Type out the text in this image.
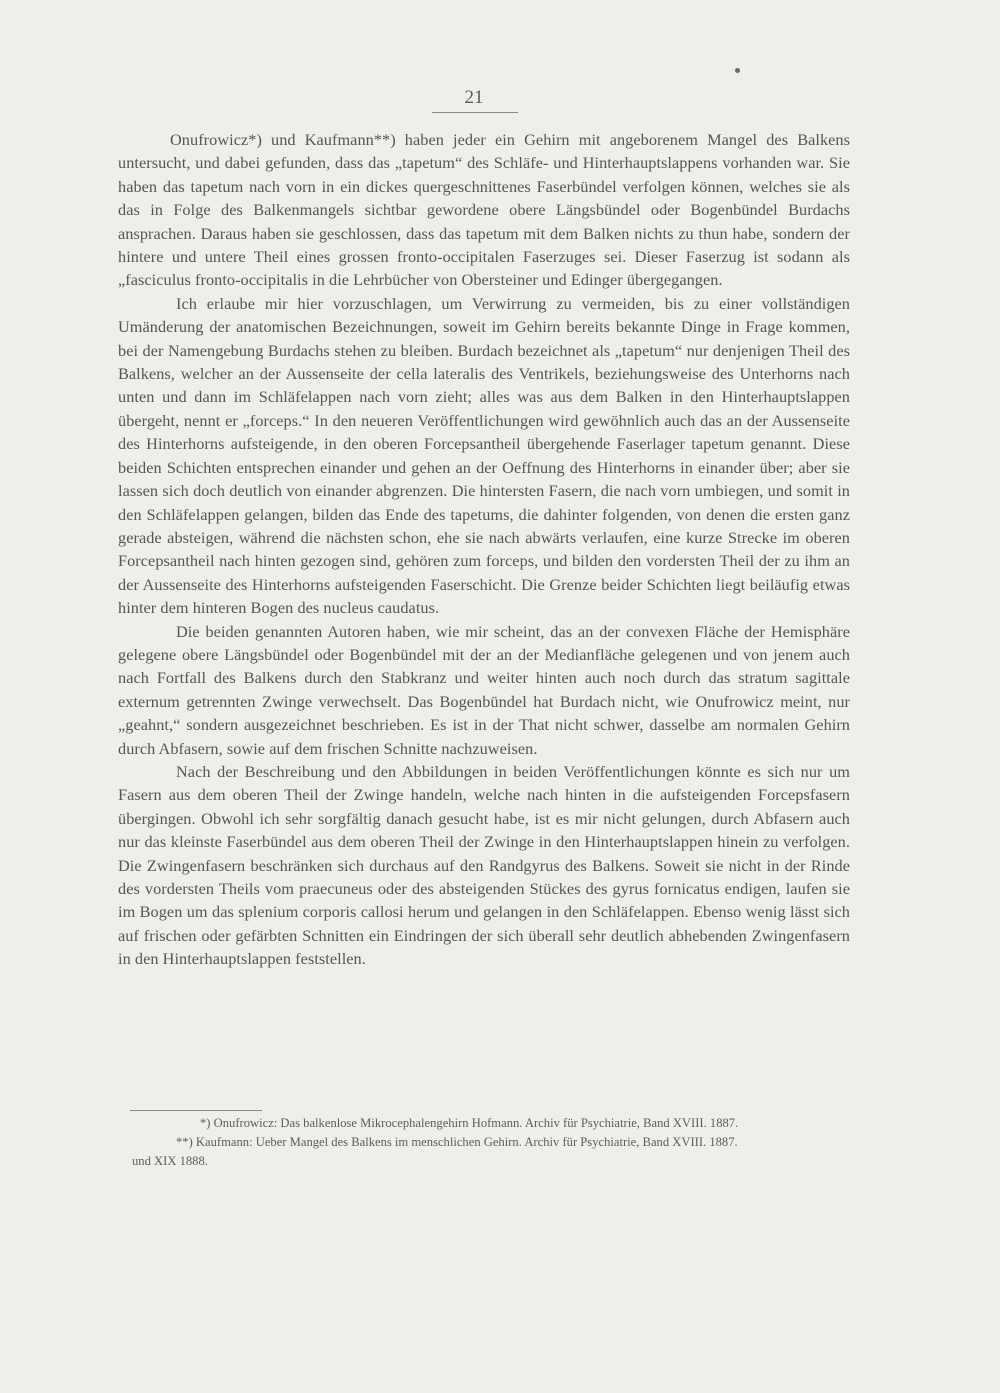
21

Onufrowicz*) und Kaufmann**) haben jeder ein Gehirn mit angeborenem Mangel des Balkens untersucht, und dabei gefunden, dass das „tapetum“ des Schläfe- und Hinterhauptslappens vorhanden war. Sie haben das tapetum nach vorn in ein dickes quergeschnittenes Faserbündel verfolgen können, welches sie als das in Folge des Balkenmangels sichtbar gewordene obere Längsbündel oder Bogenbündel Burdachs ansprachen. Daraus haben sie geschlossen, dass das tapetum mit dem Balken nichts zu thun habe, sondern der hintere und untere Theil eines grossen fronto-occipitalen Faserzuges sei. Dieser Faserzug ist sodann als „fasciculus fronto-occipitalis in die Lehrbücher von Obersteiner und Edinger übergegangen.

Ich erlaube mir hier vorzuschlagen, um Verwirrung zu vermeiden, bis zu einer vollständigen Umänderung der anatomischen Bezeichnungen, soweit im Gehirn bereits bekannte Dinge in Frage kommen, bei der Namengebung Burdachs stehen zu bleiben. Burdach bezeichnet als „tapetum“ nur denjenigen Theil des Balkens, welcher an der Aussenseite der cella lateralis des Ventrikels, beziehungsweise des Unterhorns nach unten und dann im Schläfelappen nach vorn zieht; alles was aus dem Balken in den Hinterhauptslappen übergeht, nennt er „forceps.“ In den neueren Veröffentlichungen wird gewöhnlich auch das an der Aussenseite des Hinterhorns aufsteigende, in den oberen Forcepsantheil übergehende Faserlager tapetum genannt. Diese beiden Schichten entsprechen einander und gehen an der Oeffnung des Hinterhorns in einander über; aber sie lassen sich doch deutlich von einander abgrenzen. Die hintersten Fasern, die nach vorn umbiegen, und somit in den Schläfelappen gelangen, bilden das Ende des tapetums, die dahinter folgenden, von denen die ersten ganz gerade absteigen, während die nächsten schon, ehe sie nach abwärts verlaufen, eine kurze Strecke im oberen Forcepsantheil nach hinten gezogen sind, gehören zum forceps, und bilden den vordersten Theil der zu ihm an der Aussenseite des Hinterhorns aufsteigenden Faserschicht. Die Grenze beider Schichten liegt beiläufig etwas hinter dem hinteren Bogen des nucleus caudatus.

Die beiden genannten Autoren haben, wie mir scheint, das an der convexen Fläche der Hemisphäre gelegene obere Längsbündel oder Bogenbündel mit der an der Medianfläche gelegenen und von jenem auch nach Fortfall des Balkens durch den Stabkranz und weiter hinten auch noch durch das stratum sagittale externum getrennten Zwinge verwechselt. Das Bogenbündel hat Burdach nicht, wie Onufrowicz meint, nur „geahnt,“ sondern ausgezeichnet beschrieben. Es ist in der That nicht schwer, dasselbe am normalen Gehirn durch Abfasern, sowie auf dem frischen Schnitte nachzuweisen.

Nach der Beschreibung und den Abbildungen in beiden Veröffentlichungen könnte es sich nur um Fasern aus dem oberen Theil der Zwinge handeln, welche nach hinten in die aufsteigenden Forcepsfasern übergingen. Obwohl ich sehr sorgfältig danach gesucht habe, ist es mir nicht gelungen, durch Abfasern auch nur das kleinste Faserbündel aus dem oberen Theil der Zwinge in den Hinterhauptslappen hinein zu verfolgen. Die Zwingenfasern beschränken sich durchaus auf den Randgyrus des Balkens. Soweit sie nicht in der Rinde des vordersten Theils vom praecuneus oder des absteigenden Stückes des gyrus fornicatus endigen, laufen sie im Bogen um das splenium corporis callosi herum und gelangen in den Schläfelappen. Ebenso wenig lässt sich auf frischen oder gefärbten Schnitten ein Eindringen der sich überall sehr deutlich abhebenden Zwingenfasern in den Hinterhauptslappen feststellen.

*) Onufrowicz: Das balkenlose Mikrocephalengehirn Hofmann. Archiv für Psychiatrie, Band XVIII. 1887.

**) Kaufmann: Ueber Mangel des Balkens im menschlichen Gehirn. Archiv für Psychiatrie, Band XVIII. 1887.

und XIX 1888.
